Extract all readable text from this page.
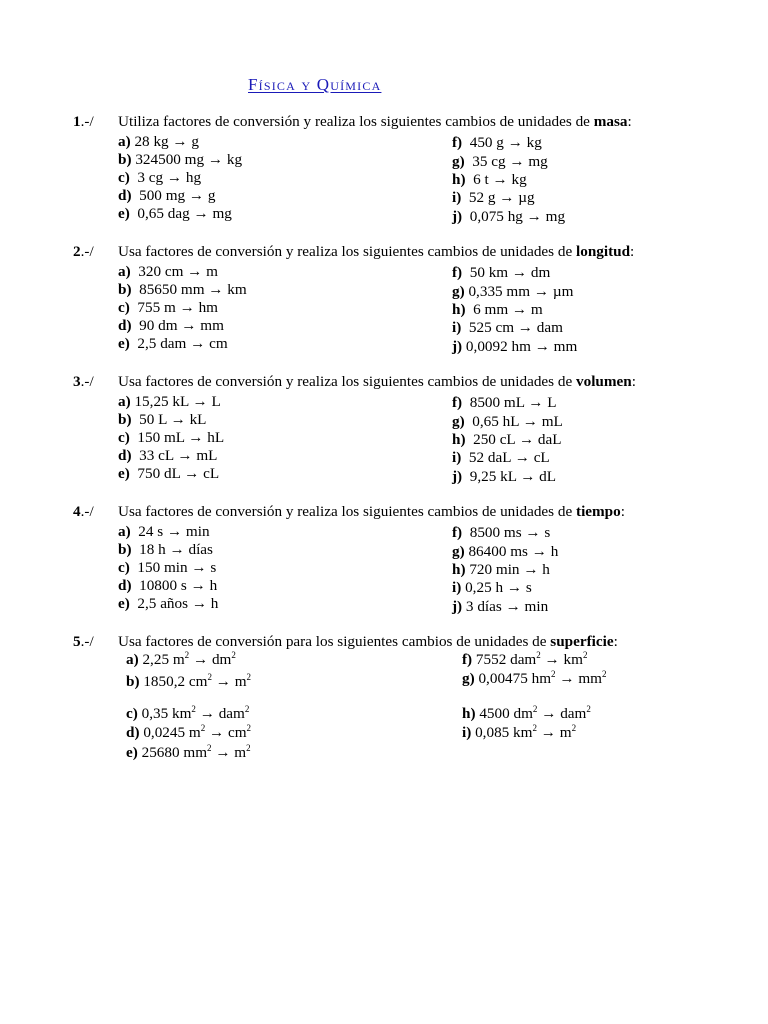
Física y Química
1.-/ Utiliza factores de conversión y realiza los siguientes cambios de unidades de masa:
a) 28 kg → g
b) 324500 mg → kg
c)  3 cg → hg
d)  500 mg → g
e)  0,65 dag → mg
f)  450 g → kg
g)  35 cg → mg
h)  6 t → kg
i)  52 g → µg
j)  0,075 hg → mg
2.-/ Usa factores de conversión y realiza los siguientes cambios de unidades de longitud:
a)  320 cm → m
b)  85650 mm → km
c)  755 m → hm
d)  90 dm → mm
e)  2,5 dam → cm
f)  50 km → dm
g) 0,335 mm → µm
h)  6 mm → m
i)  525 cm → dam
j) 0,0092 hm → mm
3.-/ Usa factores de conversión y realiza los siguientes cambios de unidades de volumen:
a) 15,25 kL → L
b)  50 L → kL
c)  150 mL → hL
d)  33 cL → mL
e)  750 dL → cL
f)  8500 mL → L
g)  0,65 hL → mL
h)  250 cL → daL
i)  52 daL → cL
j)  9,25 kL → dL
4.-/ Usa factores de conversión y realiza los siguientes cambios de unidades de tiempo:
a)  24 s → min
b)  18 h → días
c)  150 min → s
d)  10800 s → h
e)  2,5 años → h
f)  8500 ms → s
g) 86400 ms → h
h) 720 min → h
i) 0,25 h → s
j) 3 días → min
5.-/ Usa factores de conversión para los siguientes cambios de unidades de superficie:
a) 2,25 $m^2 \to dm^2$
b) 1850,2 $cm^2 \to m^2$
c) 0,35 $km^2 \to dam^2$
d) 0,0245 $m^2 \to cm^2$
e) 25680 $mm^2 \to m^2$
f) 7552 $dam^2 \to km^2$
g) 0,00475 $hm^2 \to mm^2$
h) 4500 $dm^2 \to dam^2$
i) 0,085 $km^2 \to m^2$
